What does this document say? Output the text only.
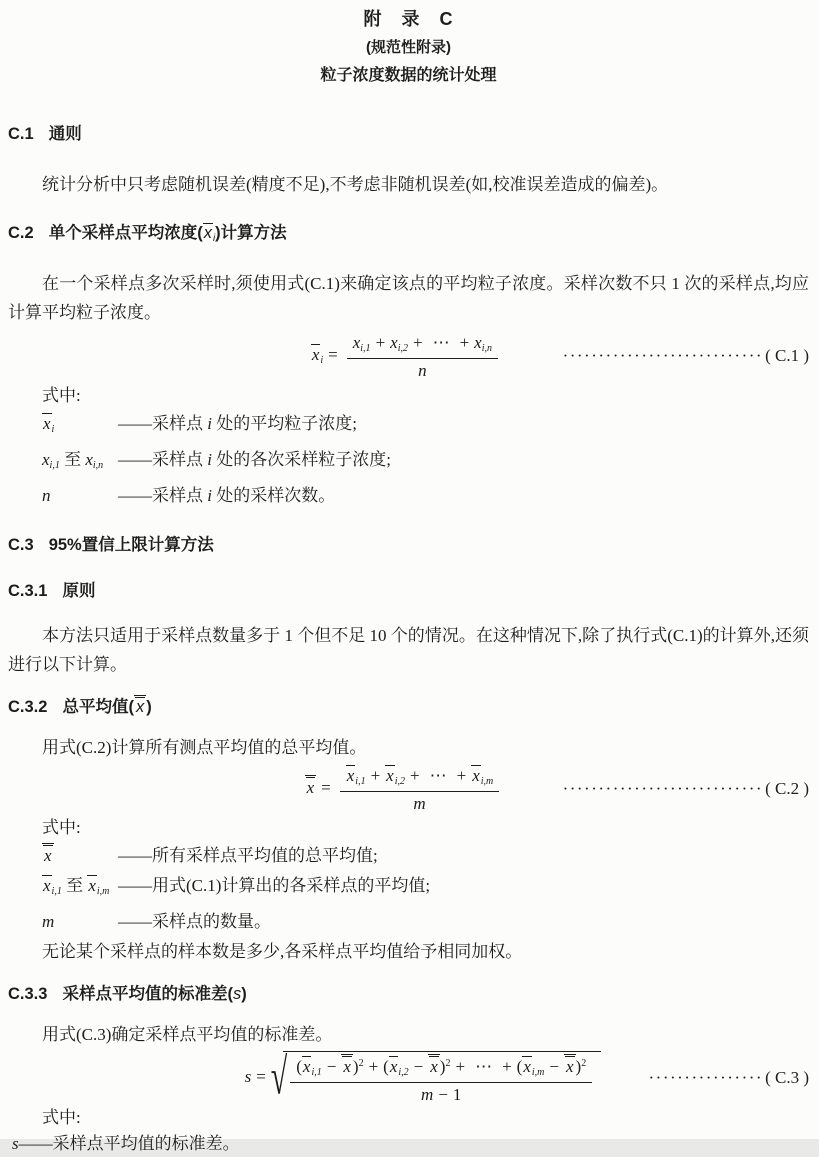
附　录　C
(规范性附录)
粒子浓度数据的统计处理
C.1 通则

统计分析中只考虑随机误差(精度不足),不考虑非随机误差(如,校准误差造成的偏差)。

C.2 单个采样点平均浓度$(x_i)$计算方法

在一个采样点多次采样时,须使用式(C.1)来确定该点的平均粒子浓度。采样次数不只 1 次的采样点,均应计算平均粒子浓度。

$x_i = \frac{x_{i,1} + x_{i,2} + \cdots + x_{i,n}}{n}$	···························· ( C.1 )
式中:
$x_i$	—— 采样点 i 处的平均粒子浓度;
$x_{i,1}$ 至 $x_{i,n}$ —— 采样点 i 处的各次采样粒子浓度;
n	—— 采样点 i 处的采样次数。
C.3 95%置信上限计算方法
C.3.1 原则

本方法只适用于采样点数量多于 1 个但不足 10 个的情况。在这种情况下,除了执行式(C.1)的计算外,还须进行以下计算。

C.3.2 总平均值( x )

用式(C.2)计算所有测点平均值的总平均值。

$x = \frac{x_{i,1} + x_{i,2} + \cdots + x_{i,m}}{m}$	···························· ( C.2 )
式中:
x	—— 所有采样点平均值的总平均值;
$x_{i,1}$ 至 $x_{i,m}$ —— 用式(C.1)计算出的各采样点的平均值;
m	—— 采样点的数量。

无论某个采样点的样本数是多少,各采样点平均值给予相同加权。

C.3.3 采样点平均值的标准差(s)

用式(C.3)确定采样点平均值的标准差。

s = √ $\frac{(x_{i,1} - x )^2 + (x_{i,2} - x )^2 + \cdots + (x_{i,m} - x )^2}{m - 1}$	················ ( C.3 )
式中:
s——采样点平均值的标准差。
